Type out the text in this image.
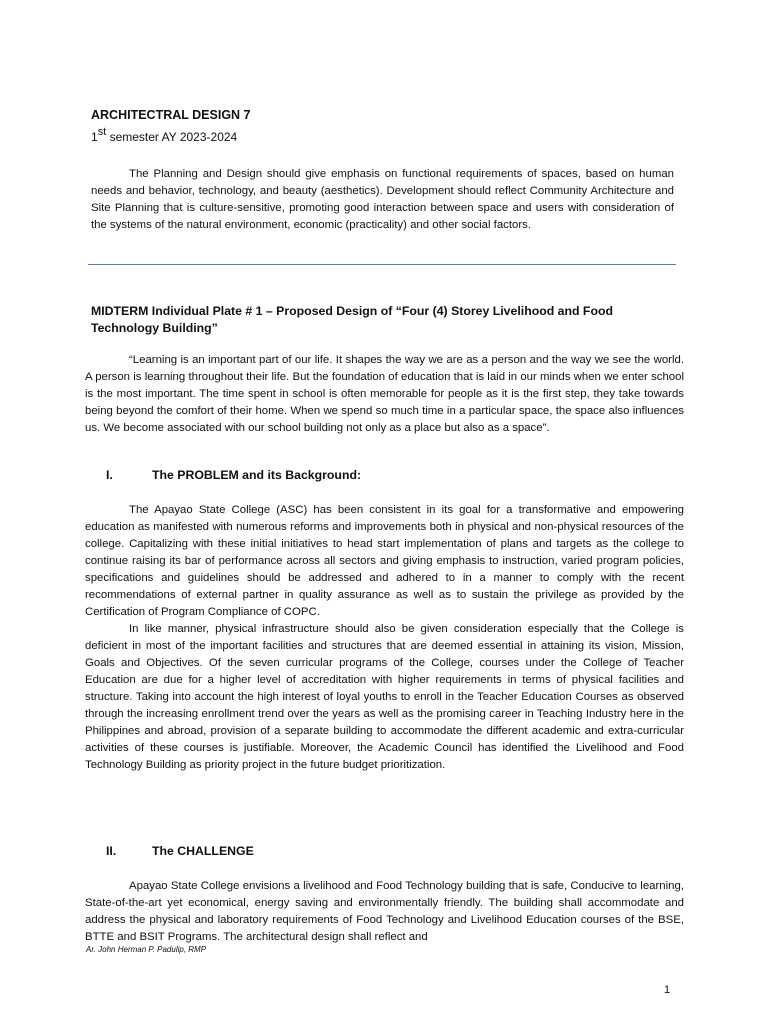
ARCHITECTRAL DESIGN 7

1st semester AY 2023-2024

The Planning and Design should give emphasis on functional requirements of spaces, based on human needs and behavior, technology, and beauty (aesthetics). Development should reflect Community Architecture and Site Planning that is culture-sensitive, promoting good interaction between space and users with consideration of the systems of the natural environment, economic (practicality) and other social factors.

MIDTERM Individual Plate # 1 – Proposed Design of “Four (4) Storey Livelihood and Food Technology Building”

“Learning is an important part of our life. It shapes the way we are as a person and the way we see the world. A person is learning throughout their life. But the foundation of education that is laid in our minds when we enter school is the most important. The time spent in school is often memorable for people as it is the first step, they take towards being beyond the comfort of their home. When we spend so much time in a particular space, the space also influences us. We become associated with our school building not only as a place but also as a space”.

I.	The PROBLEM and its Background:

The Apayao State College (ASC) has been consistent in its goal for a transformative and empowering education as manifested with numerous reforms and improvements both in physical and non-physical resources of the college. Capitalizing with these initial initiatives to head start implementation of plans and targets as the college to continue raising its bar of performance across all sectors and giving emphasis to instruction, varied program policies, specifications and guidelines should be addressed and adhered to in a manner to comply with the recent recommendations of external partner in quality assurance as well as to sustain the privilege as provided by the Certification of Program Compliance of COPC.

In like manner, physical infrastructure should also be given consideration especially that the College is deficient in most of the important facilities and structures that are deemed essential in attaining its vision, Mission, Goals and Objectives. Of the seven curricular programs of the College, courses under the College of Teacher Education are due for a higher level of accreditation with higher requirements in terms of physical facilities and structure. Taking into account the high interest of loyal youths to enroll in the Teacher Education Courses as observed through the increasing enrollment trend over the years as well as the promising career in Teaching Industry here in the Philippines and abroad, provision of a separate building to accommodate the different academic and extra-curricular activities of these courses is justifiable. Moreover, the Academic Council has identified the Livelihood and Food Technology Building as priority project in the future budget prioritization.

II.	The CHALLENGE

Apayao State College envisions a livelihood and Food Technology building that is safe, Conducive to learning, State-of-the-art yet economical, energy saving and environmentally friendly. The building shall accommodate and address the physical and laboratory requirements of Food Technology and Livelihood Education courses of the BSE, BTTE and BSIT Programs. The architectural design shall reflect and

Ar. John Herman P. Padulip, RMP

1
